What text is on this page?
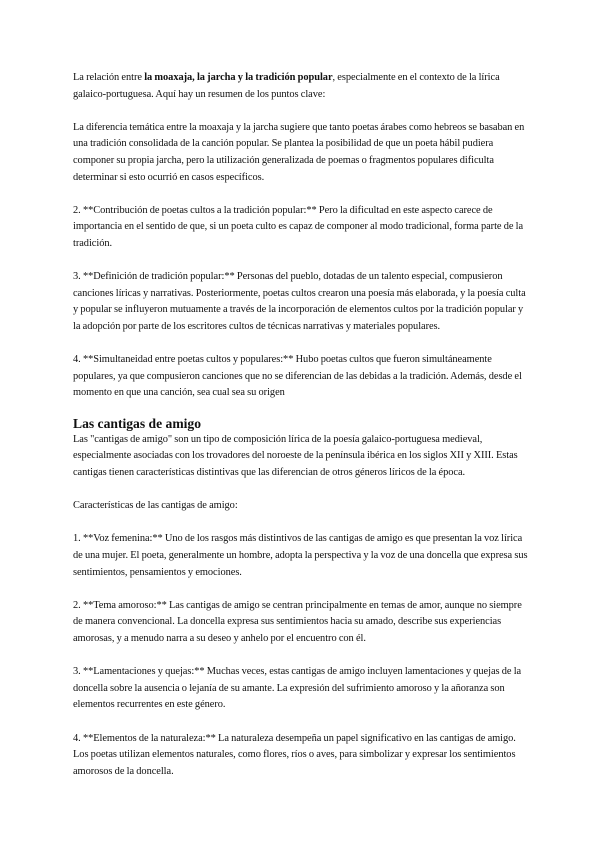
La relación entre la moaxaja, la jarcha y la tradición popular, especialmente en el contexto de la lírica galaico-portuguesa. Aquí hay un resumen de los puntos clave:

La diferencia temática entre la moaxaja y la jarcha sugiere que tanto poetas árabes como hebreos se basaban en una tradición consolidada de la canción popular. Se plantea la posibilidad de que un poeta hábil pudiera componer su propia jarcha, pero la utilización generalizada de poemas o fragmentos populares dificulta determinar si esto ocurrió en casos específicos.

2. **Contribución de poetas cultos a la tradición popular:** Pero la dificultad en este aspecto carece de importancia en el sentido de que, si un poeta culto es capaz de componer al modo tradicional, forma parte de la tradición.

3. **Definición de tradición popular:** Personas del pueblo, dotadas de un talento especial, compusieron canciones líricas y narrativas. Posteriormente, poetas cultos crearon una poesía más elaborada, y la poesía culta y popular se influyeron mutuamente a través de la incorporación de elementos cultos por la tradición popular y la adopción por parte de los escritores cultos de técnicas narrativas y materiales populares.

4. **Simultaneidad entre poetas cultos y populares:** Hubo poetas cultos que fueron simultáneamente populares, ya que compusieron canciones que no se diferencian de las debidas a la tradición. Además, desde el momento en que una canción, sea cual sea su origen

Las cantigas de amigo

Las "cantigas de amigo" son un tipo de composición lírica de la poesía galaico-portuguesa medieval, especialmente asociadas con los trovadores del noroeste de la península ibérica en los siglos XII y XIII. Estas cantigas tienen características distintivas que las diferencian de otros géneros líricos de la época.

Características de las cantigas de amigo:

1. **Voz femenina:** Uno de los rasgos más distintivos de las cantigas de amigo es que presentan la voz lírica de una mujer. El poeta, generalmente un hombre, adopta la perspectiva y la voz de una doncella que expresa sus sentimientos, pensamientos y emociones.

2. **Tema amoroso:** Las cantigas de amigo se centran principalmente en temas de amor, aunque no siempre de manera convencional. La doncella expresa sus sentimientos hacia su amado, describe sus experiencias amorosas, y a menudo narra a su deseo y anhelo por el encuentro con él.

3. **Lamentaciones y quejas:** Muchas veces, estas cantigas de amigo incluyen lamentaciones y quejas de la doncella sobre la ausencia o lejanía de su amante. La expresión del sufrimiento amoroso y la añoranza son elementos recurrentes en este género.

4. **Elementos de la naturaleza:** La naturaleza desempeña un papel significativo en las cantigas de amigo. Los poetas utilizan elementos naturales, como flores, ríos o aves, para simbolizar y expresar los sentimientos amorosos de la doncella.
